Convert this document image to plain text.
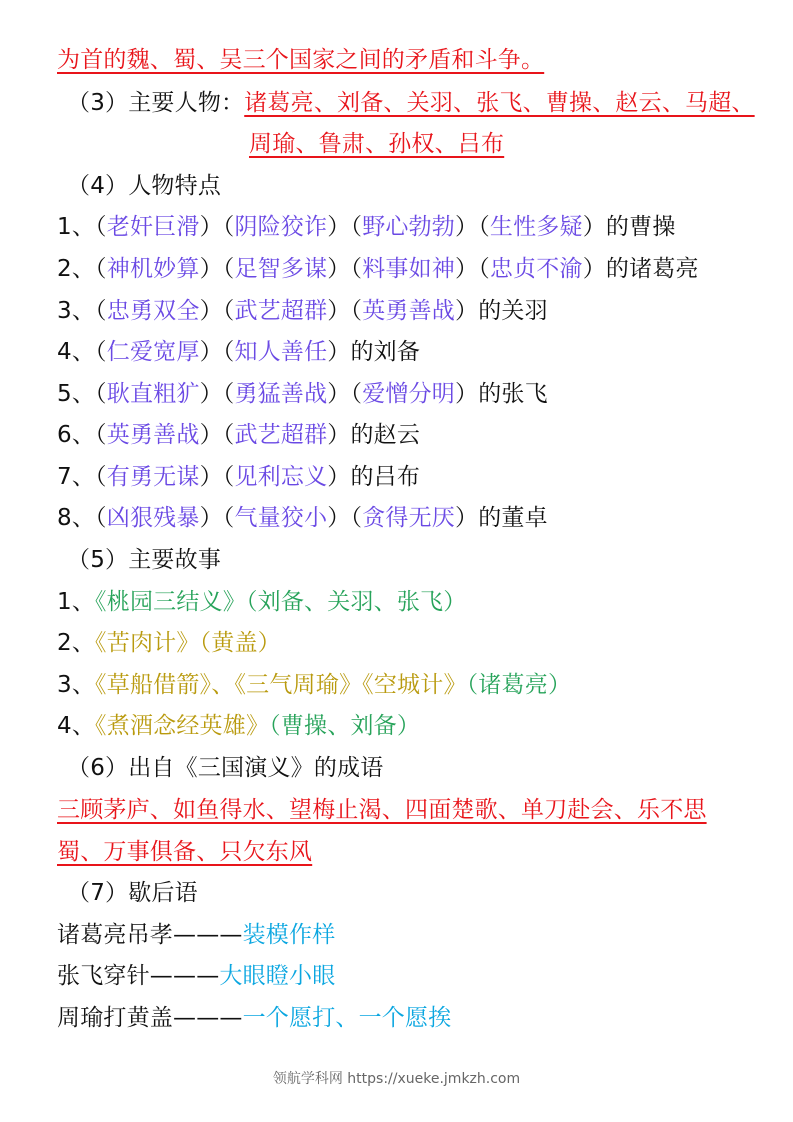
为首的魏、蜀、吴三个国家之间的矛盾和斗争。
（3）主要人物：诸葛亮、刘备、关羽、张飞、曹操、赵云、马超、
周瑜、鲁肃、孙权、吕布
（4）人物特点
1、（老奸巨滑）（阴险狡诈）（野心勃勃）（生性多疑）的曹操
2、（神机妙算）（足智多谋）（料事如神）（忠贞不渝）的诸葛亮
3、（忠勇双全）（武艺超群）（英勇善战）的关羽
4、（仁爱宽厚）（知人善任）的刘备
5、（耿直粗犷）（勇猛善战）（爱憎分明）的张飞
6、（英勇善战）（武艺超群）的赵云
7、（有勇无谋）（见利忘义）的吕布
8、（凶狠残暴）（气量狡小）（贪得无厌）的董卓
（5）主要故事
1、《桃园三结义》（刘备、关羽、张飞）
2、《苦肉计》（黄盖）
3、《草船借箭》、《三气周瑜》《空城计》（诸葛亮）
4、《煮酒念经英雄》（曹操、刘备）
（6）出自《三国演义》的成语
三顾茅庐、如鱼得水、望梅止渴、四面楚歌、单刀赴会、乐不思
蜀、万事俱备、只欠东风
（7）歇后语
诸葛亮吊孝———装模作样
张飞穿针———大眼瞪小眼
周瑜打黄盖———一个愿打、一个愿挨
领航学科网 https://xueke.jmkzh.com
